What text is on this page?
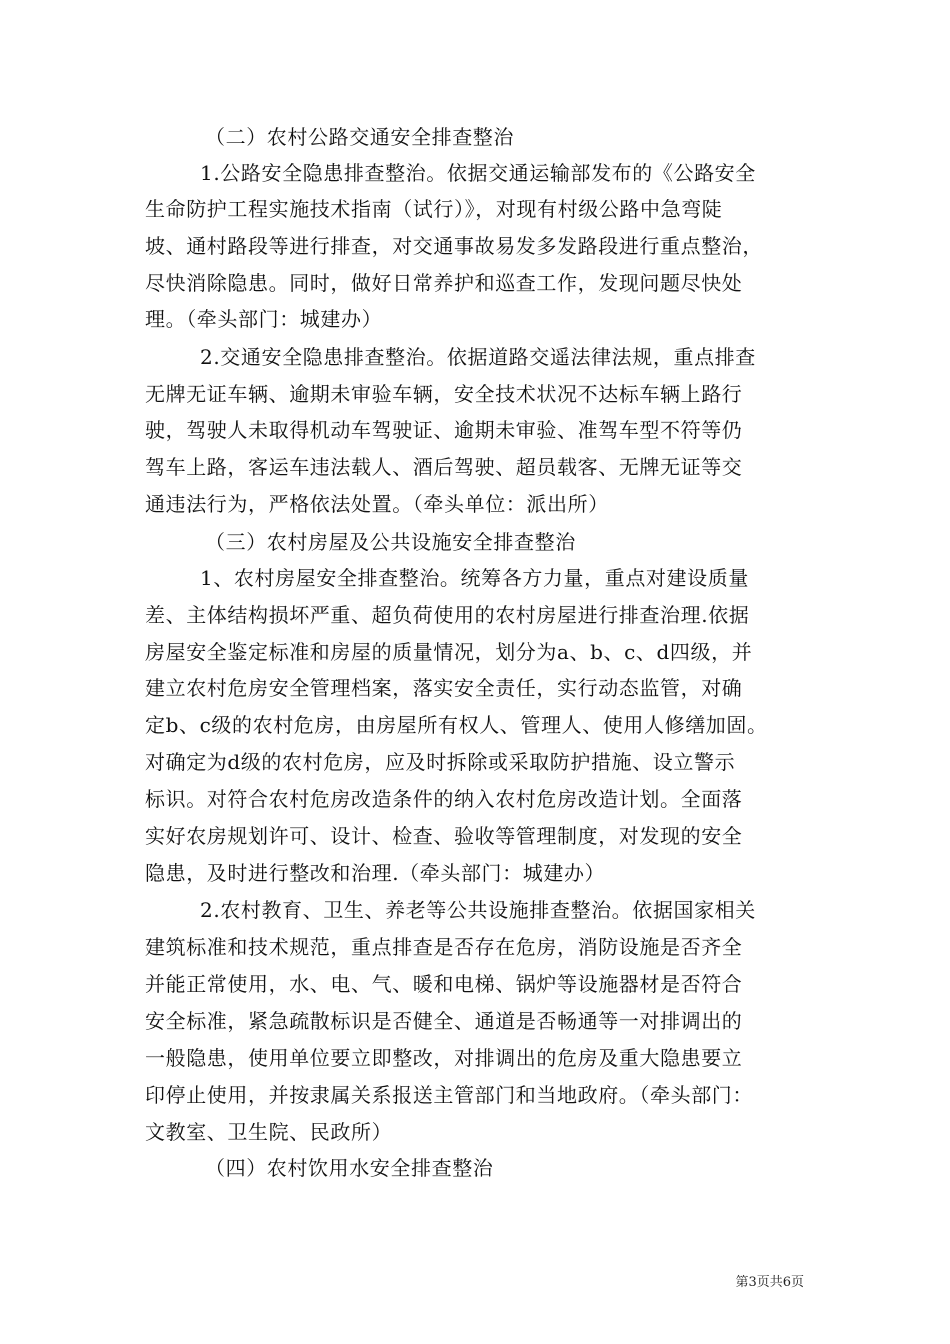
（二）农村公路交通安全排查整治
1.公路安全隐患排查整治。依据交通运输部发布的《公路安全
生命防护工程实施技术指南（试行）》，对现有村级公路中急弯陡
坡、通村路段等进行排查，对交通事故易发多发路段进行重点整治，
尽快消除隐患。同时，做好日常养护和巡查工作，发现问题尽快处
理。（牵头部门：城建办）
2.交通安全隐患排查整治。依据道路交遥法律法规，重点排查
无牌无证车辆、逾期未审验车辆，安全技术状况不达标车辆上路行
驶，驾驶人未取得机动车驾驶证、逾期未审验、准驾车型不符等仍
驾车上路，客运车违法载人、酒后驾驶、超员载客、无牌无证等交
通违法行为，严格依法处置。（牵头单位：派出所）
（三）农村房屋及公共设施安全排查整治
1、农村房屋安全排查整治。统筹各方力量，重点对建设质量
差、主体结构损坏严重、超负荷使用的农村房屋进行排查治理.依据
房屋安全鉴定标准和房屋的质量情况，划分为a、b、c、d四级，并
建立农村危房安全管理档案，落实安全责任，实行动态监管，对确
定b、c级的农村危房，由房屋所有权人、管理人、使用人修缮加固。
对确定为d级的农村危房，应及时拆除或采取防护措施、设立警示
标识。对符合农村危房改造条件的纳入农村危房改造计划。全面落
实好农房规划许可、设计、检查、验收等管理制度，对发现的安全
隐患，及时进行整改和治理.（牵头部门：城建办）
2.农村教育、卫生、养老等公共设施排查整治。依据国家相关
建筑标准和技术规范，重点排查是否存在危房，消防设施是否齐全
并能正常使用，水、电、气、暖和电梯、锅炉等设施器材是否符合
安全标准，紧急疏散标识是否健全、通道是否畅通等一对排调出的
一般隐患，使用单位要立即整改，对排调出的危房及重大隐患要立
印停止使用，并按隶属关系报送主管部门和当地政府。（牵头部门：
文教室、卫生院、民政所）
（四）农村饮用水安全排查整治
第3页共6页
